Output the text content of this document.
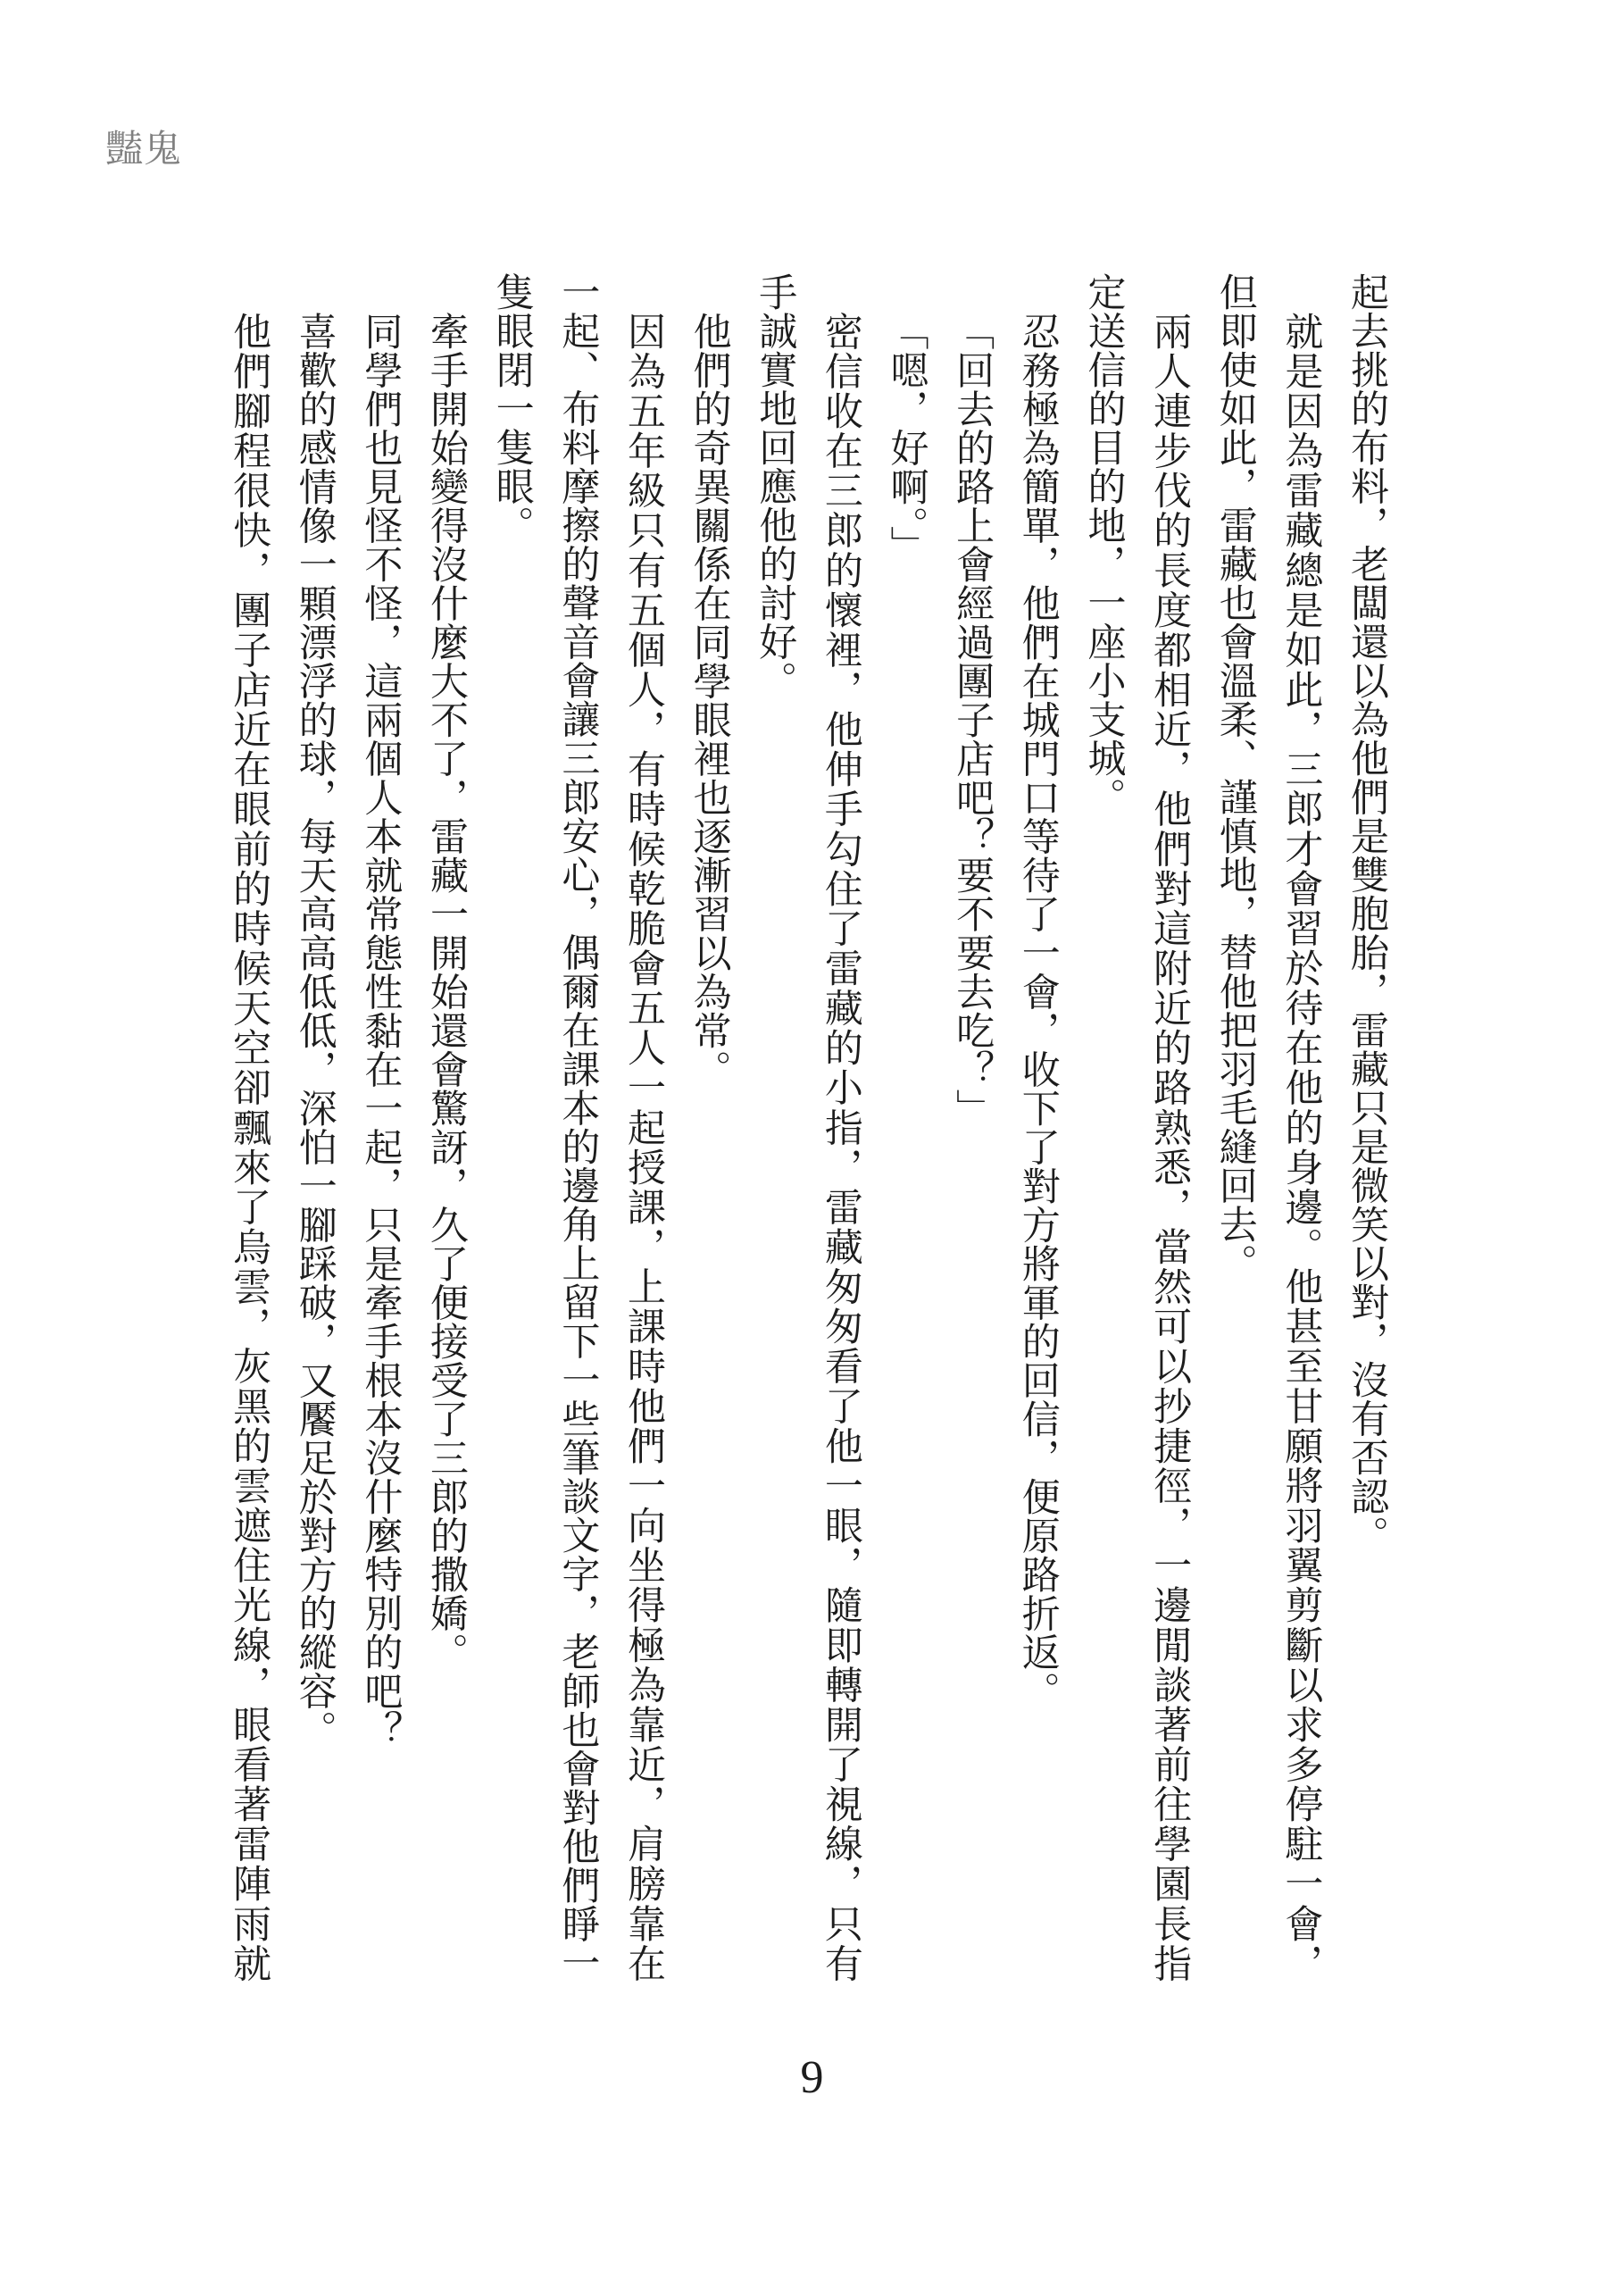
豔鬼

起去挑的布料，老闆還以為他們是雙胞胎，雷藏只是微笑以對，沒有否認。

就是因為雷藏總是如此，三郎才會習於待在他的身邊。他甚至甘願將羽翼剪斷以求多停駐一會，

但即使如此，雷藏也會溫柔、謹慎地，替他把羽毛縫回去。

兩人連步伐的長度都相近，他們對這附近的路熟悉，當然可以抄捷徑，一邊閒談著前往學園長指

定送信的目的地，一座小支城。

忍務極為簡單，他們在城門口等待了一會，收下了對方將軍的回信，便原路折返。

「回去的路上會經過團子店吧？要不要去吃？」

「嗯，好啊。」

密信收在三郎的懷裡，他伸手勾住了雷藏的小指，雷藏匆匆看了他一眼，隨即轉開了視線，只有

手誠實地回應他的討好。

他們的奇異關係在同學眼裡也逐漸習以為常。

因為五年級只有五個人，有時候乾脆會五人一起授課，上課時他們一向坐得極為靠近，肩膀靠在

一起、布料摩擦的聲音會讓三郎安心，偶爾在課本的邊角上留下一些筆談文字，老師也會對他們睜一

隻眼閉一隻眼。

牽手開始變得沒什麼大不了，雷藏一開始還會驚訝，久了便接受了三郎的撒嬌。

同學們也見怪不怪，這兩個人本就常態性黏在一起，只是牽手根本沒什麼特別的吧？

喜歡的感情像一顆漂浮的球，每天高高低低，深怕一腳踩破，又饜足於對方的縱容。

他們腳程很快，團子店近在眼前的時候天空卻飄來了烏雲，灰黑的雲遮住光線，眼看著雷陣雨就

9
